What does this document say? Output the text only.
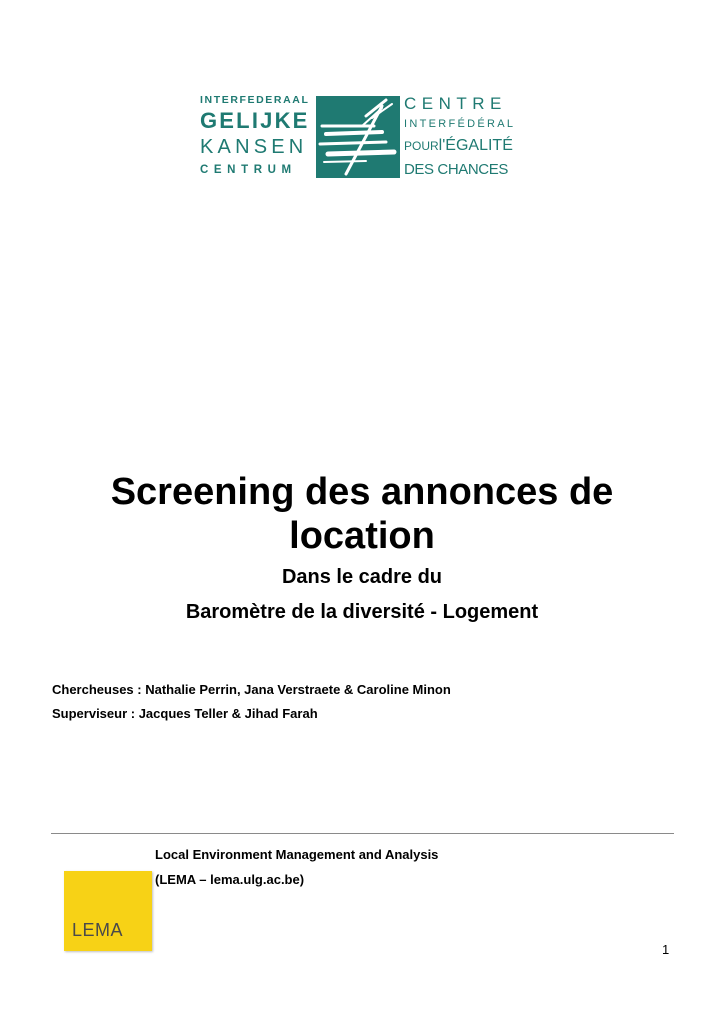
INTERFEDERAAL
GELIJKE
KANSEN
CENTRUM
CENTRE
INTERFÉDÉRAL
POURl'ÉGALITÉ
DES CHANCES
Screening des annonces de
location
Dans le cadre du
Baromètre de la diversité - Logement
Chercheuses : Nathalie Perrin, Jana Verstraete & Caroline Minon
Superviseur : Jacques Teller & Jihad Farah
Local Environment Management and Analysis
(LEMA – lema.ulg.ac.be)
LEMA
1
